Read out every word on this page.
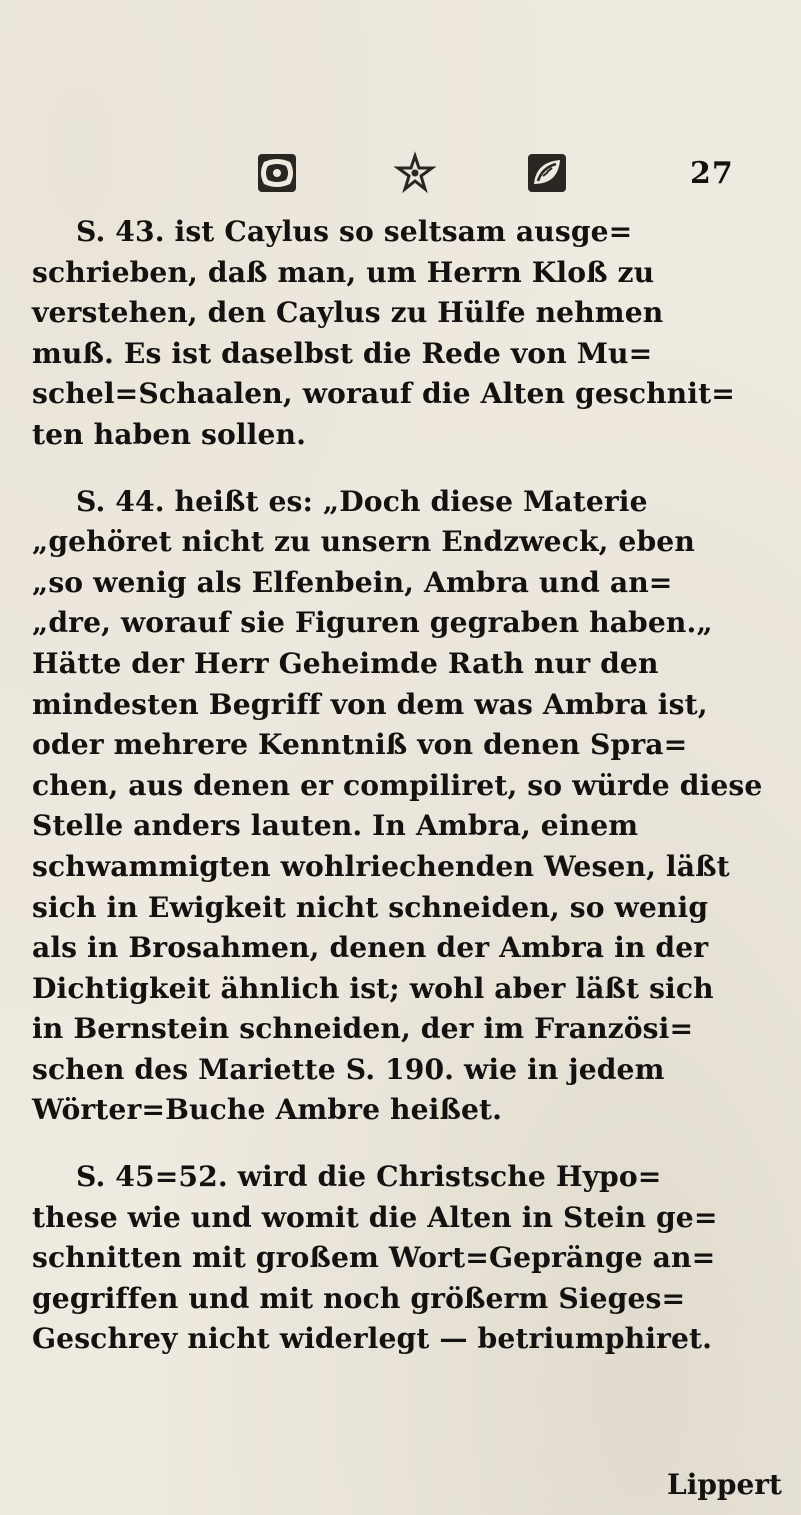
27
S. 43. ist Caylus so seltsam ausge=
schrieben, daß man, um Herrn Kloß zu
verstehen, den Caylus zu Hülfe nehmen
muß. Es ist daselbst die Rede von Mu=
schel=Schaalen, worauf die Alten geschnit=
ten haben sollen.
S. 44. heißt es: „Doch diese Materie
„gehöret nicht zu unsern Endzweck, eben
„so wenig als Elfenbein, Ambra und an=
„dre, worauf sie Figuren gegraben haben.„
Hätte der Herr Geheimde Rath nur den
mindesten Begriff von dem was Ambra ist,
oder mehrere Kenntniß von denen Spra=
chen, aus denen er compiliret, so würde diese
Stelle anders lauten. In Ambra, einem
schwammigten wohlriechenden Wesen, läßt
sich in Ewigkeit nicht schneiden, so wenig
als in Brosahmen, denen der Ambra in der
Dichtigkeit ähnlich ist; wohl aber läßt sich
in Bernstein schneiden, der im Französi=
schen des Mariette S. 190. wie in jedem
Wörter=Buche Ambre heißet.
S. 45=52. wird die Christsche Hypo=
these wie und womit die Alten in Stein ge=
schnitten mit großem Wort=Gepränge an=
gegriffen und mit noch größerm Sieges=
Geschrey nicht widerlegt — betriumphiret.
Lippert
